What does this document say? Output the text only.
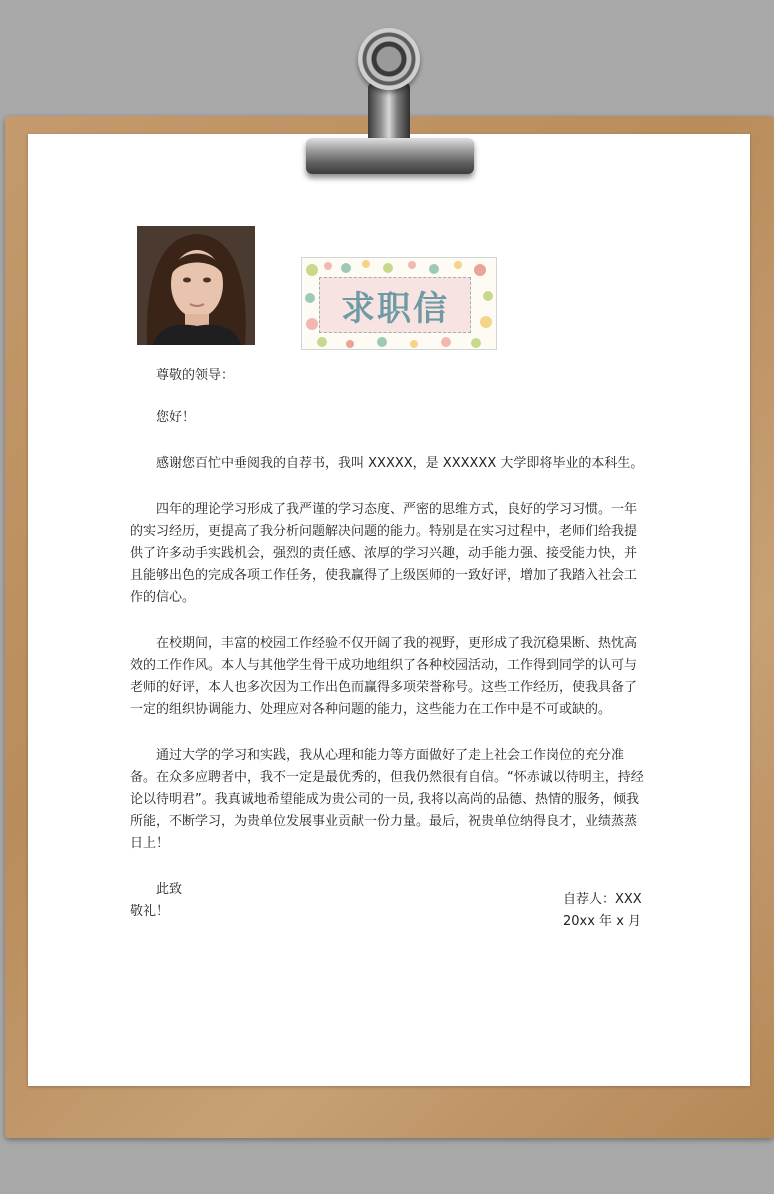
求职信

尊敬的领导：

您好！

感谢您百忙中垂阅我的自荐书，我叫 XXXXX，是 XXXXXX 大学即将毕业的本科生。

四年的理论学习形成了我严谨的学习态度、严密的思维方式，良好的学习习惯。一年的实习经历，更提高了我分析问题解决问题的能力。特别是在实习过程中，老师们给我提供了许多动手实践机会，强烈的责任感、浓厚的学习兴趣，动手能力强、接受能力快，并且能够出色的完成各项工作任务，使我赢得了上级医师的一致好评，增加了我踏入社会工作的信心。

在校期间，丰富的校园工作经验不仅开阔了我的视野，更形成了我沉稳果断、热忱高效的工作作风。本人与其他学生骨干成功地组织了各种校园活动，工作得到同学的认可与老师的好评，本人也多次因为工作出色而赢得多项荣誉称号。这些工作经历，使我具备了一定的组织协调能力、处理应对各种问题的能力，这些能力在工作中是不可或缺的。

通过大学的学习和实践，我从心理和能力等方面做好了走上社会工作岗位的充分准备。在众多应聘者中，我不一定是最优秀的，但我仍然很有自信。“怀赤诚以待明主，持经论以待明君”。我真诚地希望能成为贵公司的一员, 我将以高尚的品德、热情的服务，倾我所能，不断学习，为贵单位发展事业贡献一份力量。最后，祝贵单位纳得良才，业绩蒸蒸日上！

此致

敬礼！

自荐人：XXX

20xx 年 x 月
